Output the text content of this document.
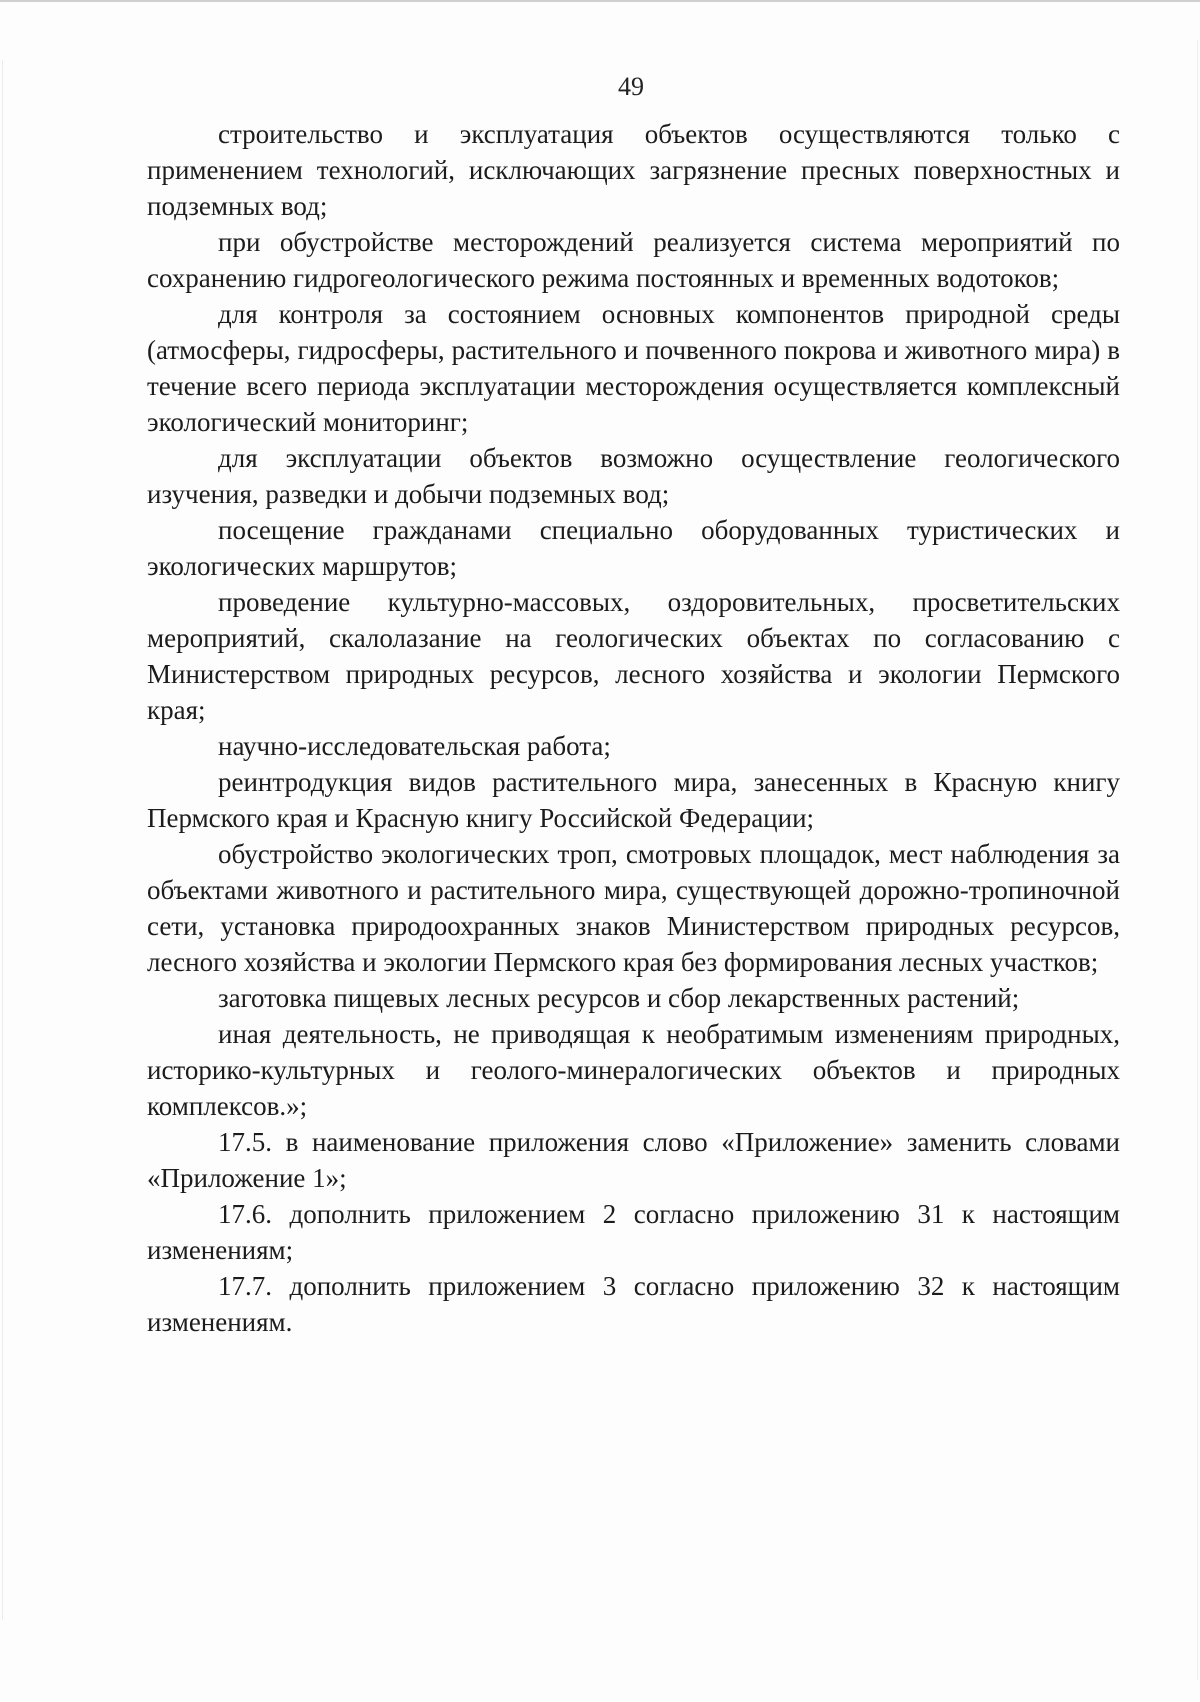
49

строительство и эксплуатация объектов осуществляются только с применением технологий, исключающих загрязнение пресных поверхностных и подземных вод;

при обустройстве месторождений реализуется система мероприятий по сохранению гидрогеологического режима постоянных и временных водотоков;

для контроля за состоянием основных компонентов природной среды (атмосферы, гидросферы, растительного и почвенного покрова и животного мира) в течение всего периода эксплуатации месторождения осуществляется комплексный экологический мониторинг;

для эксплуатации объектов возможно осуществление геологического изучения, разведки и добычи подземных вод;

посещение гражданами специально оборудованных туристических и экологических маршрутов;

проведение культурно-массовых, оздоровительных, просветительских мероприятий, скалолазание на геологических объектах по согласованию с Министерством природных ресурсов, лесного хозяйства и экологии Пермского края;

научно-исследовательская работа;

реинтродукция видов растительного мира, занесенных в Красную книгу Пермского края и Красную книгу Российской Федерации;

обустройство экологических троп, смотровых площадок, мест наблюдения за объектами животного и растительного мира, существующей дорожно-тропиночной сети, установка природоохранных знаков Министерством природных ресурсов, лесного хозяйства и экологии Пермского края без формирования лесных участков;

заготовка пищевых лесных ресурсов и сбор лекарственных растений;

иная деятельность, не приводящая к необратимым изменениям природных, историко-культурных и геолого-минералогических объектов и природных комплексов.»;

17.5. в наименование приложения слово «Приложение» заменить словами «Приложение 1»;

17.6. дополнить приложением 2 согласно приложению 31 к настоящим изменениям;

17.7. дополнить приложением 3 согласно приложению 32 к настоящим изменениям.
